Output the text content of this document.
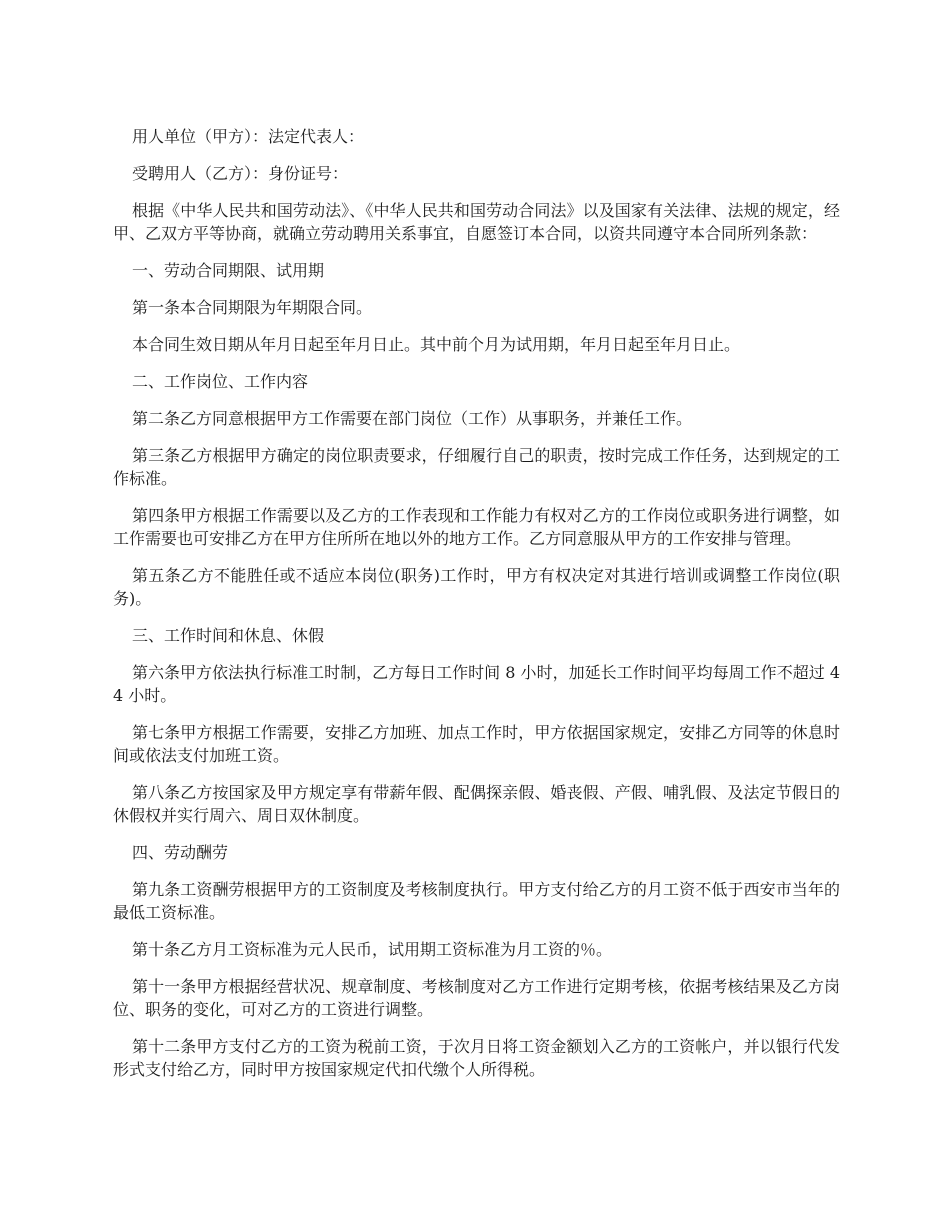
用人单位（甲方）：法定代表人：

受聘用人（乙方）：身份证号：

根据《中华人民共和国劳动法》、《中华人民共和国劳动合同法》以及国家有关法律、法规的规定，经甲、乙双方平等协商，就确立劳动聘用关系事宜，自愿签订本合同，以资共同遵守本合同所列条款：

一、劳动合同期限、试用期

第一条本合同期限为年期限合同。

本合同生效日期从年月日起至年月日止。其中前个月为试用期，年月日起至年月日止。

二、工作岗位、工作内容

第二条乙方同意根据甲方工作需要在部门岗位（工作）从事职务，并兼任工作。

第三条乙方根据甲方确定的岗位职责要求，仔细履行自己的职责，按时完成工作任务，达到规定的工作标准。

第四条甲方根据工作需要以及乙方的工作表现和工作能力有权对乙方的工作岗位或职务进行调整，如工作需要也可安排乙方在甲方住所所在地以外的地方工作。乙方同意服从甲方的工作安排与管理。

第五条乙方不能胜任或不适应本岗位(职务)工作时，甲方有权决定对其进行培训或调整工作岗位(职务)。

三、工作时间和休息、休假

第六条甲方依法执行标准工时制，乙方每日工作时间 8 小时，加延长工作时间平均每周工作不超过 44 小时。

第七条甲方根据工作需要，安排乙方加班、加点工作时，甲方依据国家规定，安排乙方同等的休息时间或依法支付加班工资。

第八条乙方按国家及甲方规定享有带薪年假、配偶探亲假、婚丧假、产假、哺乳假、及法定节假日的休假权并实行周六、周日双休制度。

四、劳动酬劳

第九条工资酬劳根据甲方的工资制度及考核制度执行。甲方支付给乙方的月工资不低于西安市当年的最低工资标准。

第十条乙方月工资标准为元人民币，试用期工资标准为月工资的％。

第十一条甲方根据经营状况、规章制度、考核制度对乙方工作进行定期考核，依据考核结果及乙方岗位、职务的变化，可对乙方的工资进行调整。

第十二条甲方支付乙方的工资为税前工资，于次月日将工资金额划入乙方的工资帐户，并以银行代发形式支付给乙方，同时甲方按国家规定代扣代缴个人所得税。
